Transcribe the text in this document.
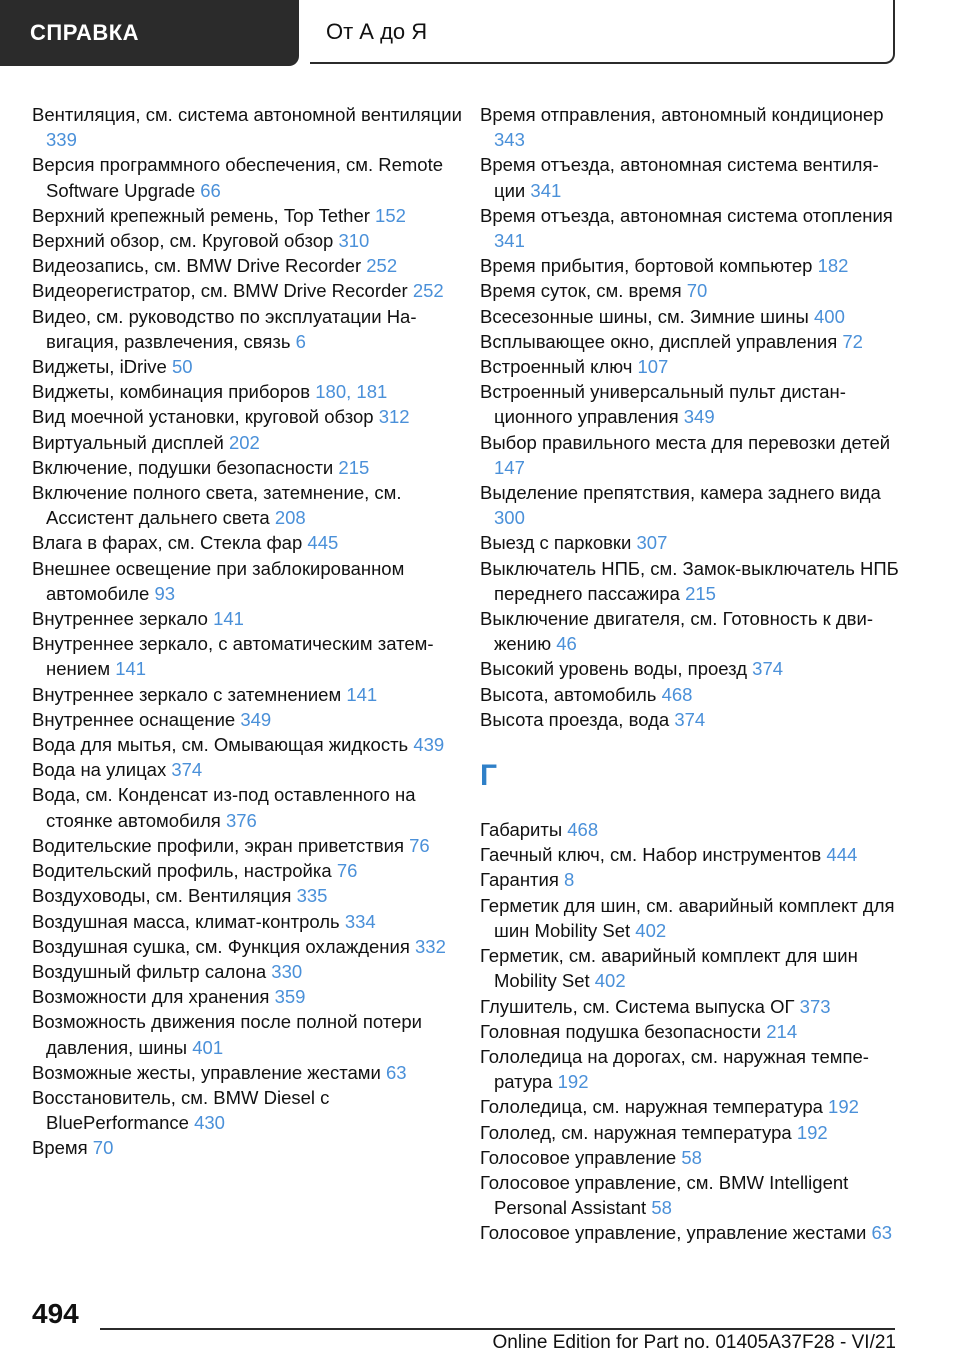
СПРАВКА	От А до Я
Вентиляция, см. система автономной вентиляции 339
Версия программного обеспечения, см. Remote Software Upgrade 66
Верхний крепежный ремень, Top Tether 152
Верхний обзор, см. Круговой обзор 310
Видеозапись, см. BMW Drive Recorder 252
Видеорегистратор, см. BMW Drive Recorder 252
Видео, см. руководство по эксплуатации Навигация, развлечения, связь 6
Виджеты, iDrive 50
Виджеты, комбинация приборов 180, 181
Вид моечной установки, круговой обзор 312
Виртуальный дисплей 202
Включение, подушки безопасности 215
Включение полного света, затемнение, см. Ассистент дальнего света 208
Влага в фарах, см. Стекла фар 445
Внешнее освещение при заблокированном автомобиле 93
Внутреннее зеркало 141
Внутреннее зеркало, с автоматическим затемнением 141
Внутреннее зеркало с затемнением 141
Внутреннее оснащение 349
Вода для мытья, см. Омывающая жидкость 439
Вода на улицах 374
Вода, см. Конденсат из-под оставленного на стоянке автомобиля 376
Водительские профили, экран приветствия 76
Водительский профиль, настройка 76
Воздуховоды, см. Вентиляция 335
Воздушная масса, климат-контроль 334
Воздушная сушка, см. Функция охлаждения 332
Воздушный фильтр салона 330
Возможности для хранения 359
Возможность движения после полной потери давления, шины 401
Возможные жесты, управление жестами 63
Восстановитель, см. BMW Diesel с BluePerformance 430
Время 70
Время отправления, автономный кондиционер 343
Время отъезда, автономная система вентиляции 341
Время отъезда, автономная система отопления 341
Время прибытия, бортовой компьютер 182
Время суток, см. время 70
Всесезонные шины, см. Зимние шины 400
Всплывающее окно, дисплей управления 72
Встроенный ключ 107
Встроенный универсальный пульт дистанционного управления 349
Выбор правильного места для перевозки детей 147
Выделение препятствия, камера заднего вида 300
Выезд с парковки 307
Выключатель НПБ, см. Замок-выключатель НПБ переднего пассажира 215
Выключение двигателя, см. Готовность к движению 46
Высокий уровень воды, проезд 374
Высота, автомобиль 468
Высота проезда, вода 374
Г
Габариты 468
Гаечный ключ, см. Набор инструментов 444
Гарантия 8
Герметик для шин, см. аварийный комплект для шин Mobility Set 402
Герметик, см. аварийный комплект для шин Mobility Set 402
Глушитель, см. Система выпуска ОГ 373
Головная подушка безопасности 214
Гололедица на дорогах, см. наружная температура 192
Гололедица, см. наружная температура 192
Гололед, см. наружная температура 192
Голосовое управление 58
Голосовое управление, см. BMW Intelligent Personal Assistant 58
Голосовое управление, управление жестами 63
494
Online Edition for Part no. 01405A37F28 - VI/21
